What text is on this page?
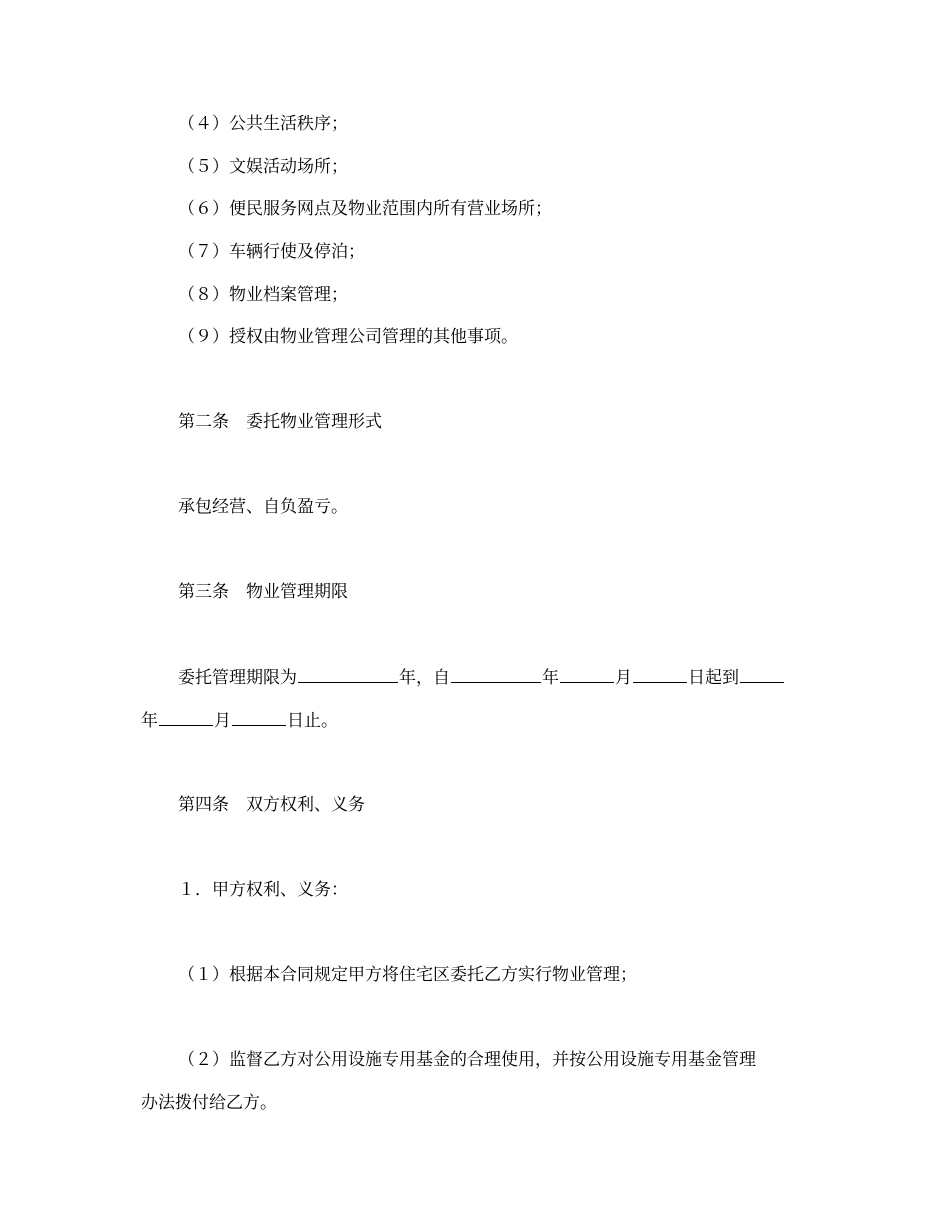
（４）公共生活秩序；
（５）文娱活动场所；
（６）便民服务网点及物业范围内所有营业场所；
（７）车辆行使及停泊；
（８）物业档案管理；
（９）授权由物业管理公司管理的其他事项。
第二条　委托物业管理形式
承包经营、自负盈亏。
第三条　物业管理期限
委托管理期限为	年，自	年	月	日起到
年	月	日止。
第四条　双方权利、义务
１．甲方权利、义务：
（１）根据本合同规定甲方将住宅区委托乙方实行物业管理；
（２）监督乙方对公用设施专用基金的合理使用，并按公用设施专用基金管理
办法拨付给乙方。
